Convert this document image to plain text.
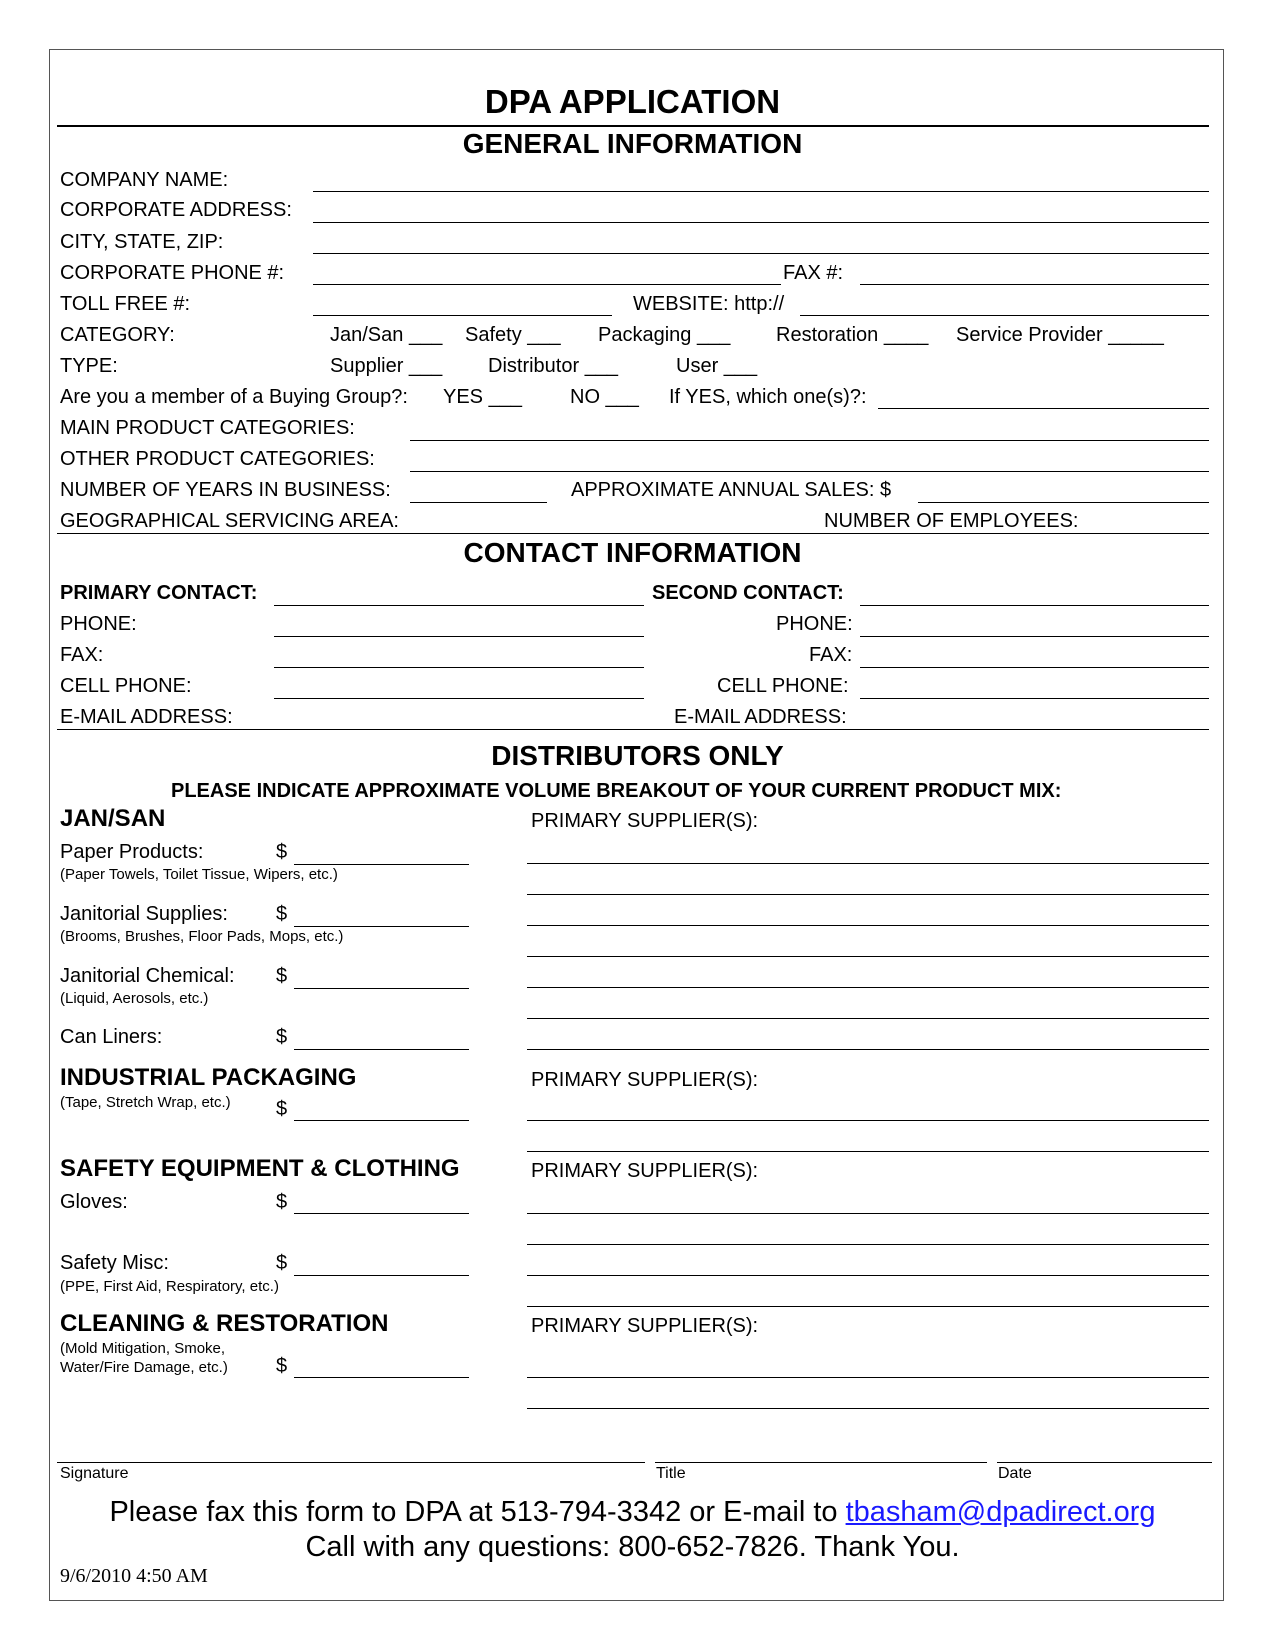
DPA APPLICATION
GENERAL INFORMATION
COMPANY NAME:
CORPORATE ADDRESS:
CITY, STATE, ZIP:
CORPORATE PHONE #:	FAX #:
TOLL FREE #:	WEBSITE: http://
CATEGORY:	Jan/San ___ Safety ___ Packaging ___ Restoration ____ Service Provider _____
TYPE:	Supplier ___ Distributor ___	User ___
Are you a member of a Buying Group?: YES ___ NO ___ If YES, which one(s)?:
MAIN PRODUCT CATEGORIES:
OTHER PRODUCT CATEGORIES:
NUMBER OF YEARS IN BUSINESS:	APPROXIMATE ANNUAL SALES: $
GEOGRAPHICAL SERVICING AREA:	NUMBER OF EMPLOYEES:
CONTACT INFORMATION
PRIMARY CONTACT:	SECOND CONTACT:
PHONE:	PHONE:
FAX:	FAX:
CELL PHONE:	CELL PHONE:
E-MAIL ADDRESS:	E-MAIL ADDRESS:
DISTRIBUTORS ONLY
PLEASE INDICATE APPROXIMATE VOLUME BREAKOUT OF YOUR CURRENT PRODUCT MIX:
JAN/SAN	PRIMARY SUPPLIER(S):
Paper Products:	$
(Paper Towels, Toilet Tissue, Wipers, etc.)
Janitorial Supplies: $
(Brooms, Brushes, Floor Pads, Mops, etc.)
Janitorial Chemical: $
(Liquid, Aerosols, etc.)
Can Liners:	$
INDUSTRIAL PACKAGING	PRIMARY SUPPLIER(S):
(Tape, Stretch Wrap, etc.) $
SAFETY EQUIPMENT & CLOTHING	PRIMARY SUPPLIER(S):
Gloves:	$
Safety Misc:	$
(PPE, First Aid, Respiratory, etc.)
CLEANING & RESTORATION	PRIMARY SUPPLIER(S):
(Mold Mitigation, Smoke,
Water/Fire Damage, etc.) $
Signature	Title	Date
Please fax this form to DPA at 513-794-3342 or E-mail to tbasham@dpadirect.org
Call with any questions: 800-652-7826. Thank You.
9/6/2010 4:50 AM
